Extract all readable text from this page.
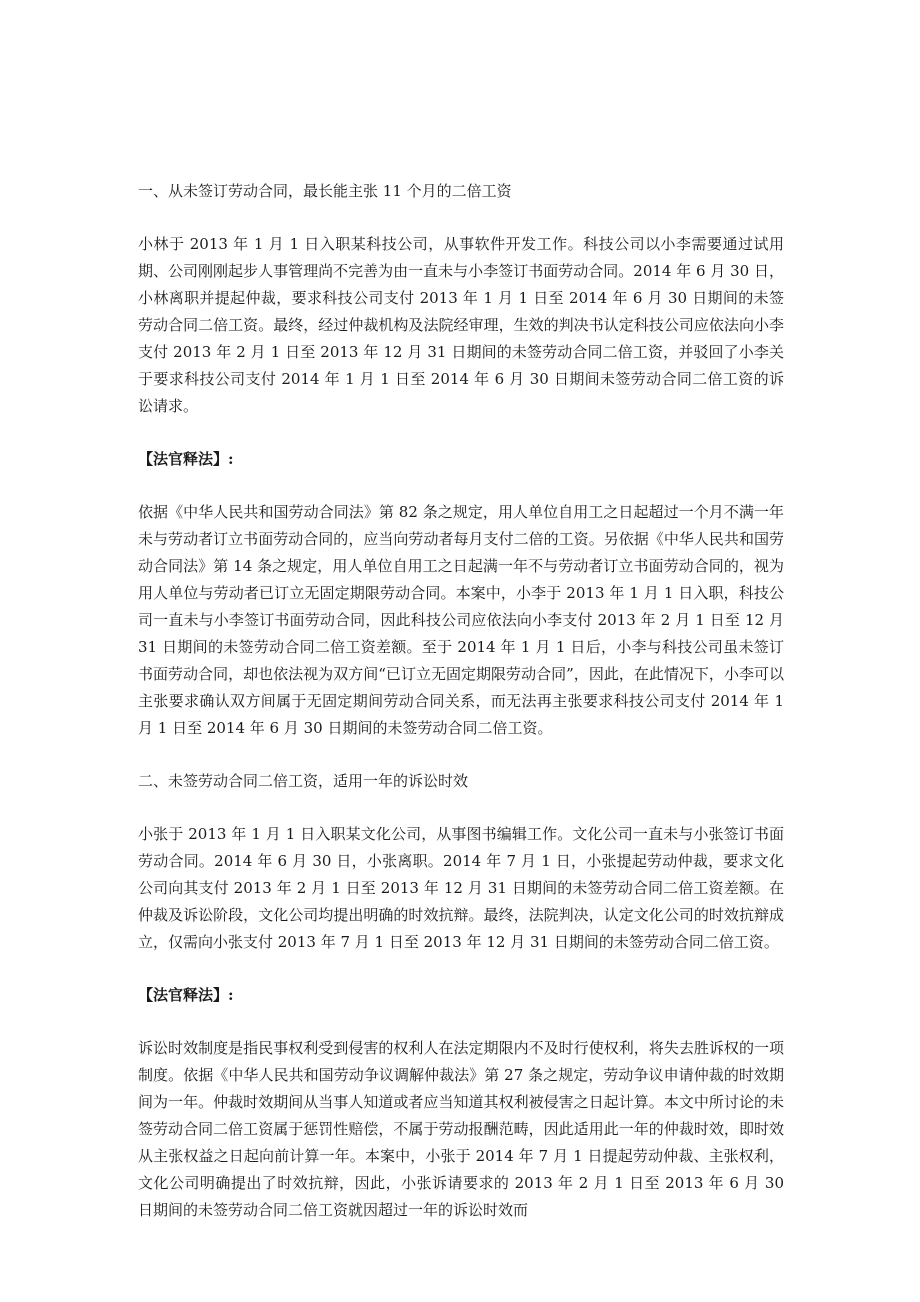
一、从未签订劳动合同，最长能主张 11 个月的二倍工资

小林于 2013 年 1 月 1 日入职某科技公司，从事软件开发工作。科技公司以小李需要通过试用期、公司刚刚起步人事管理尚不完善为由一直未与小李签订书面劳动合同。2014 年 6 月 30 日，小林离职并提起仲裁，要求科技公司支付 2013 年 1 月 1 日至 2014 年 6 月 30 日期间的未签劳动合同二倍工资。最终，经过仲裁机构及法院经审理，生效的判决书认定科技公司应依法向小李支付 2013 年 2 月 1 日至 2013 年 12 月 31 日期间的未签劳动合同二倍工资，并驳回了小李关于要求科技公司支付 2014 年 1 月 1 日至 2014 年 6 月 30 日期间未签劳动合同二倍工资的诉讼请求。

【法官释法】:

依据《中华人民共和国劳动合同法》第 82 条之规定，用人单位自用工之日起超过一个月不满一年未与劳动者订立书面劳动合同的，应当向劳动者每月支付二倍的工资。另依据《中华人民共和国劳动合同法》第 14 条之规定，用人单位自用工之日起满一年不与劳动者订立书面劳动合同的，视为用人单位与劳动者已订立无固定期限劳动合同。本案中，小李于 2013 年 1 月 1 日入职，科技公司一直未与小李签订书面劳动合同，因此科技公司应依法向小李支付 2013 年 2 月 1 日至 12 月 31 日期间的未签劳动合同二倍工资差额。至于 2014 年 1 月 1 日后，小李与科技公司虽未签订书面劳动合同，却也依法视为双方间“已订立无固定期限劳动合同”，因此，在此情况下，小李可以主张要求确认双方间属于无固定期间劳动合同关系，而无法再主张要求科技公司支付 2014 年 1 月 1 日至 2014 年 6 月 30 日期间的未签劳动合同二倍工资。

二、未签劳动合同二倍工资，适用一年的诉讼时效

小张于 2013 年 1 月 1 日入职某文化公司，从事图书编辑工作。文化公司一直未与小张签订书面劳动合同。2014 年 6 月 30 日，小张离职。2014 年 7 月 1 日，小张提起劳动仲裁，要求文化公司向其支付 2013 年 2 月 1 日至 2013 年 12 月 31 日期间的未签劳动合同二倍工资差额。在仲裁及诉讼阶段，文化公司均提出明确的时效抗辩。最终，法院判决，认定文化公司的时效抗辩成立，仅需向小张支付 2013 年 7 月 1 日至 2013 年 12 月 31 日期间的未签劳动合同二倍工资。

【法官释法】:

诉讼时效制度是指民事权利受到侵害的权利人在法定期限内不及时行使权利，将失去胜诉权的一项制度。依据《中华人民共和国劳动争议调解仲裁法》第 27 条之规定，劳动争议申请仲裁的时效期间为一年。仲裁时效期间从当事人知道或者应当知道其权利被侵害之日起计算。本文中所讨论的未签劳动合同二倍工资属于惩罚性赔偿，不属于劳动报酬范畴，因此适用此一年的仲裁时效，即时效从主张权益之日起向前计算一年。本案中，小张于 2014 年 7 月 1 日提起劳动仲裁、主张权利，文化公司明确提出了时效抗辩，因此，小张诉请要求的 2013 年 2 月 1 日至 2013 年 6 月 30 日期间的未签劳动合同二倍工资就因超过一年的诉讼时效而
